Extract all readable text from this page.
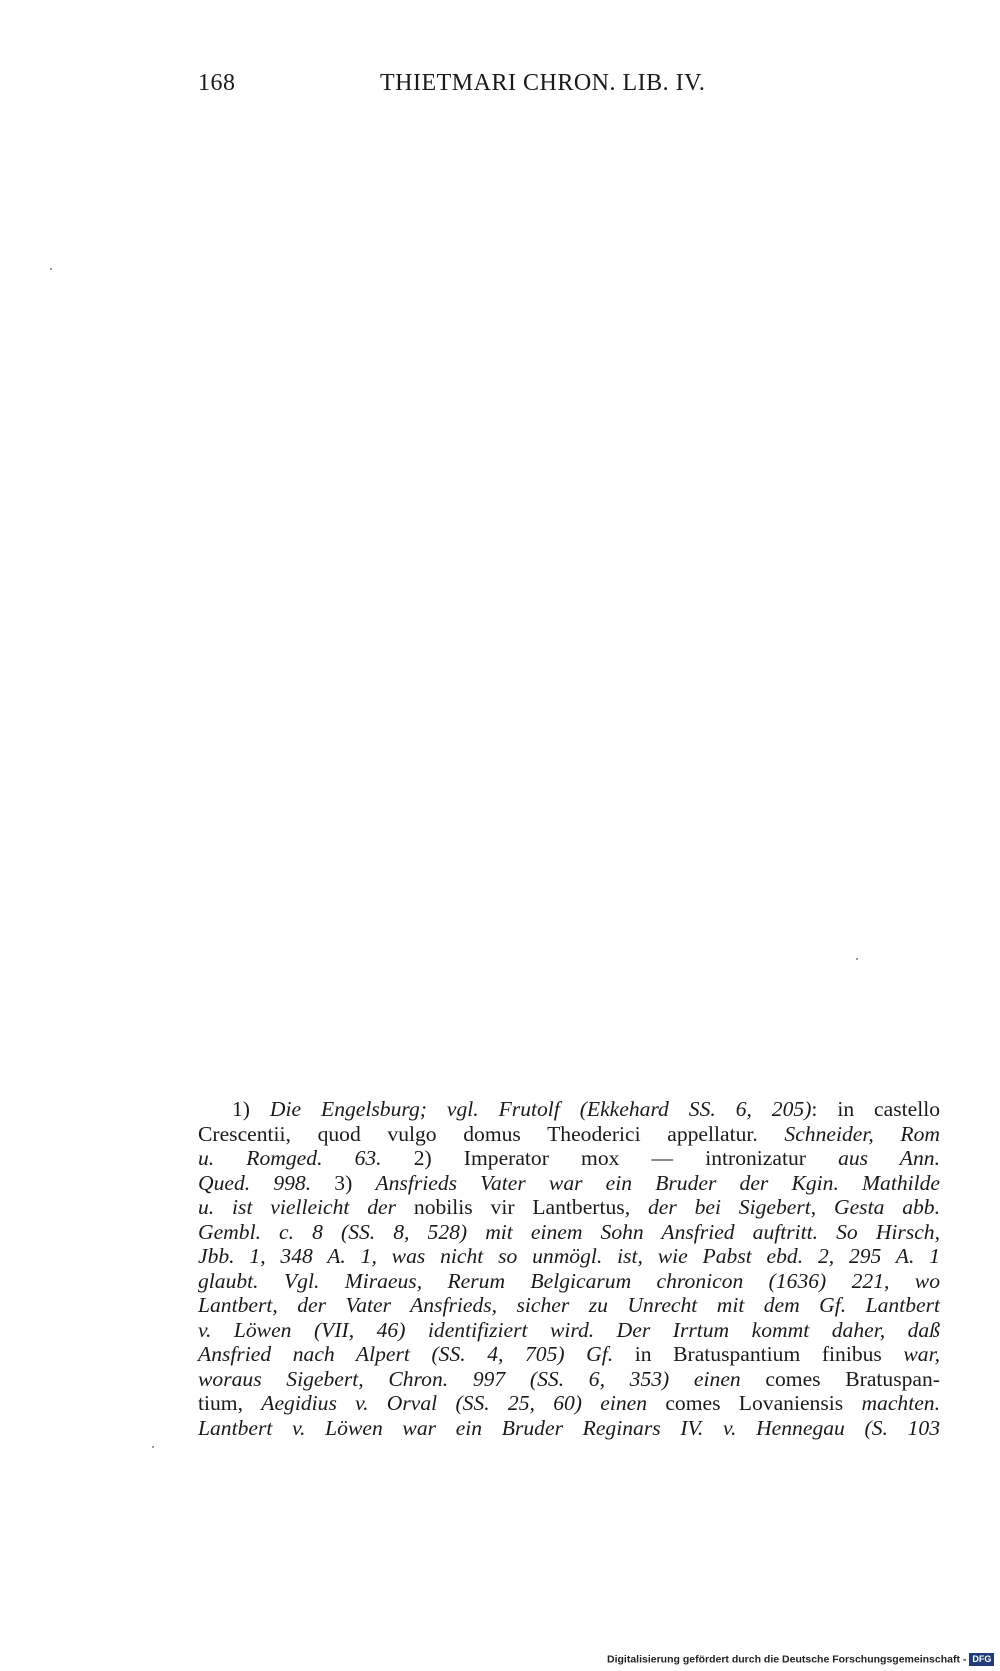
168	THIETMARI CHRON. LIB. IV.
1) Die Engelsburg; vgl. Frutolf (Ekkehard SS. 6, 205): in castello
Crescentii, quod vulgo domus Theoderici appellatur. Schneider, Rom
u. Romged. 63. 2) Imperator mox — intronizatur aus Ann.
Qued. 998. 3) Ansfrieds Vater war ein Bruder der Kgin. Mathilde
u. ist vielleicht der nobilis vir Lantbertus, der bei Sigebert, Gesta abb.
Gembl. c. 8 (SS. 8, 528) mit einem Sohn Ansfried auftritt. So Hirsch,
Jbb. 1, 348 A. 1, was nicht so unmögl. ist, wie Pabst ebd. 2, 295 A. 1
glaubt. Vgl. Miraeus, Rerum Belgicarum chronicon (1636) 221, wo
Lantbert, der Vater Ansfrieds, sicher zu Unrecht mit dem Gf. Lantbert
v. Löwen (VII, 46) identifiziert wird. Der Irrtum kommt daher, daß
Ansfried nach Alpert (SS. 4, 705) Gf. in Bratuspantium finibus war,
woraus Sigebert, Chron. 997 (SS. 6, 353) einen comes Bratuspan-
tium, Aegidius v. Orval (SS. 25, 60) einen comes Lovaniensis machten.
Lantbert v. Löwen war ein Bruder Reginars IV. v. Hennegau (S. 103
Digitalisierung gefördert durch die Deutsche Forschungsgemeinschaft - DFG
